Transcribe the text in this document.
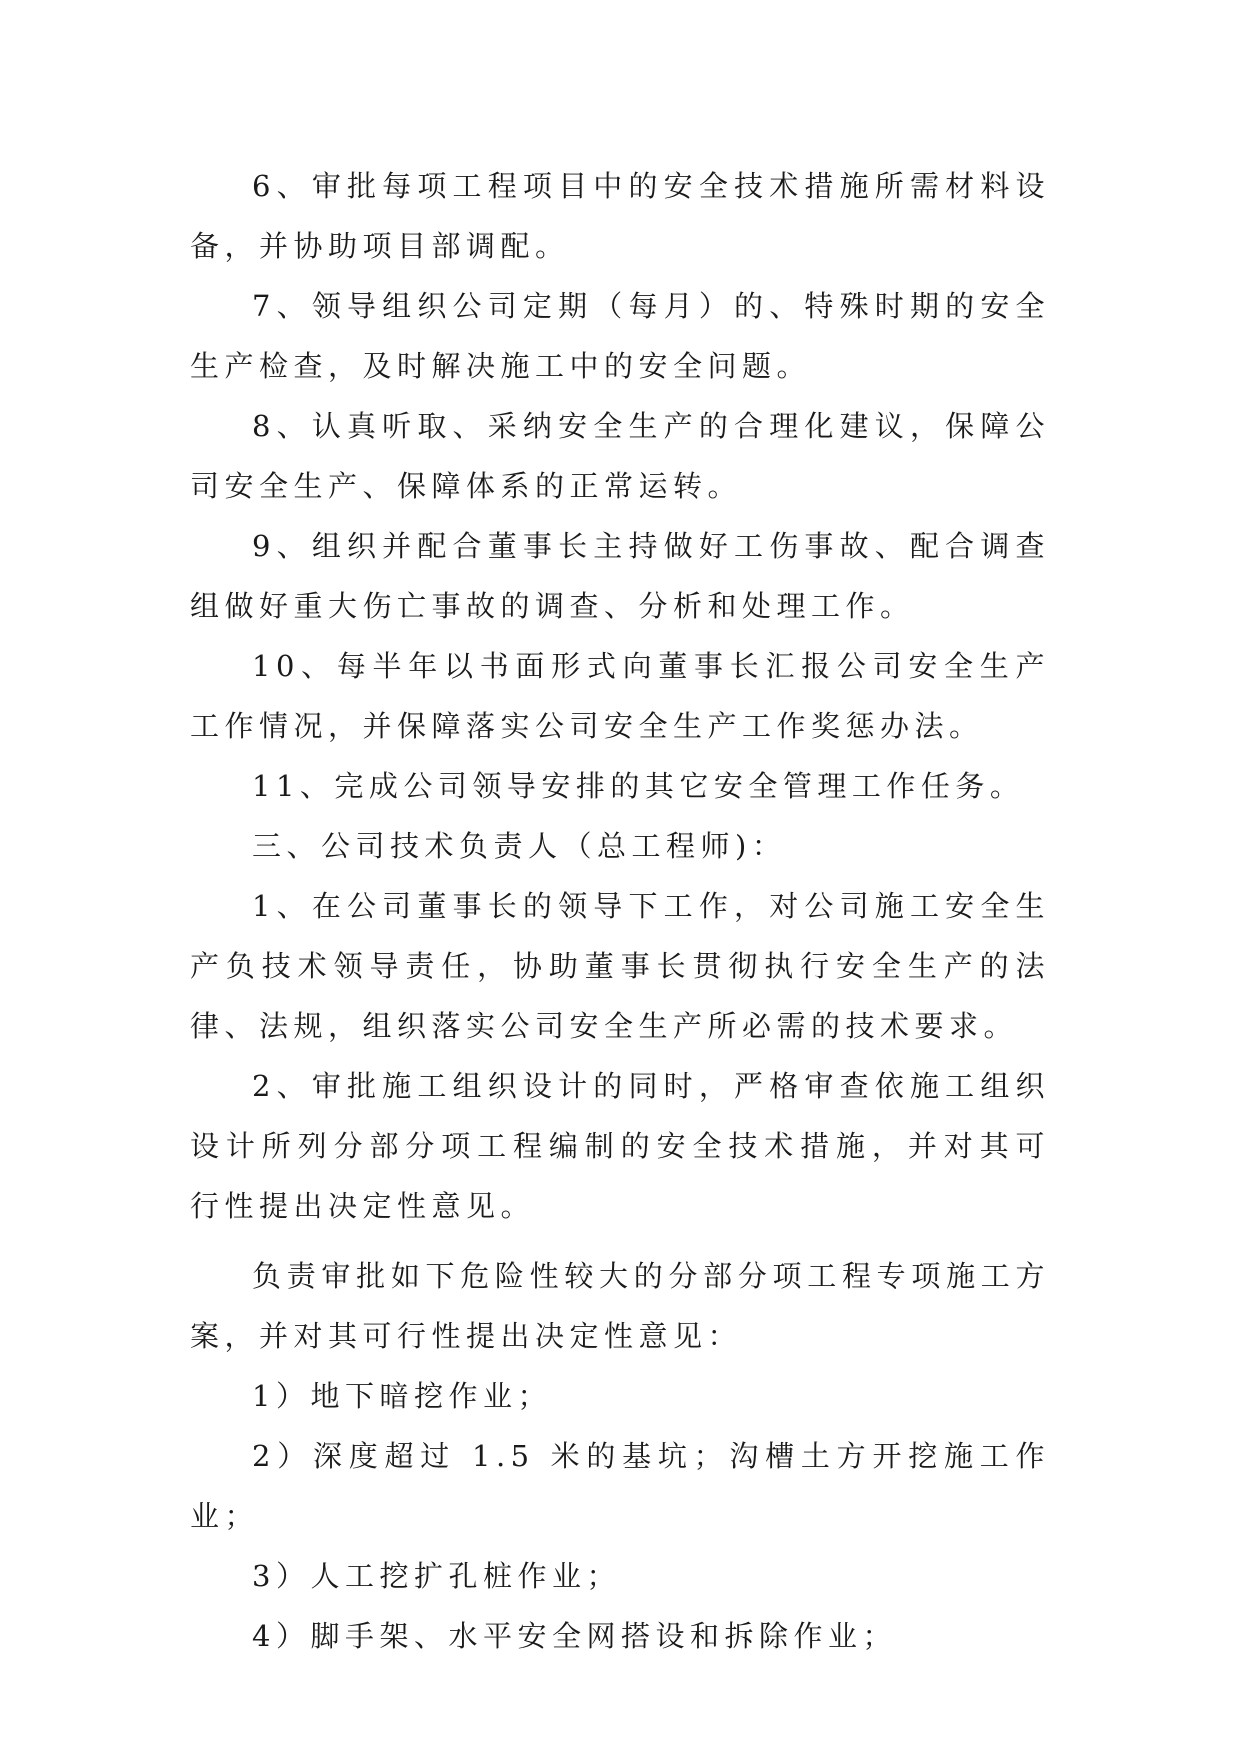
6、审批每项工程项目中的安全技术措施所需材料设备，并协助项目部调配。

7、领导组织公司定期（每月）的、特殊时期的安全生产检查，及时解决施工中的安全问题。

8、认真听取、采纳安全生产的合理化建议，保障公司安全生产、保障体系的正常运转。

9、组织并配合董事长主持做好工伤事故、配合调查组做好重大伤亡事故的调查、分析和处理工作。

10、每半年以书面形式向董事长汇报公司安全生产工作情况，并保障落实公司安全生产工作奖惩办法。

11、完成公司领导安排的其它安全管理工作任务。

三、公司技术负责人（总工程师)：

1、在公司董事长的领导下工作，对公司施工安全生产负技术领导责任，协助董事长贯彻执行安全生产的法律、法规，组织落实公司安全生产所必需的技术要求。

2、审批施工组织设计的同时，严格审查依施工组织设计所列分部分项工程编制的安全技术措施，并对其可行性提出决定性意见。

负责审批如下危险性较大的分部分项工程专项施工方案，并对其可行性提出决定性意见：

1）地下暗挖作业；

2）深度超过 1.5 米的基坑；沟槽土方开挖施工作业；

3）人工挖扩孔桩作业；

4）脚手架、水平安全网搭设和拆除作业；
